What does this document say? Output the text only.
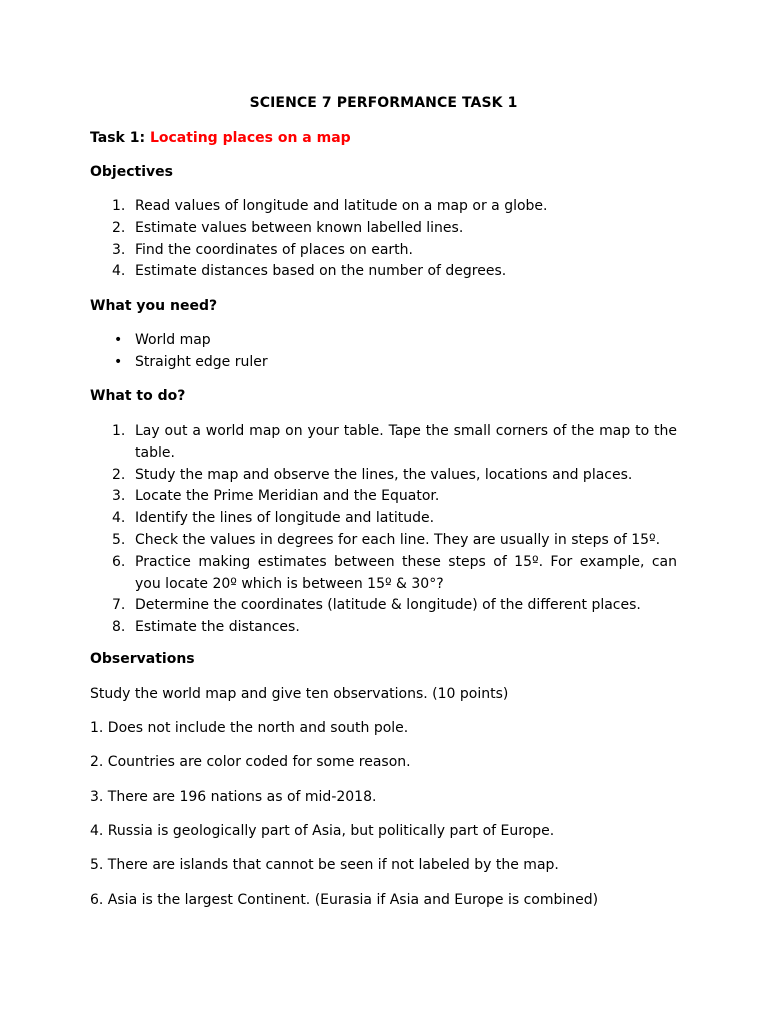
SCIENCE 7 PERFORMANCE TASK 1
Task 1: Locating places on a map
Objectives
1. Read values of longitude and latitude on a map or a globe.
2. Estimate values between known labelled lines.
3. Find the coordinates of places on earth.
4. Estimate distances based on the number of degrees.
What you need?
• World map
• Straight edge ruler
What to do?
1. Lay out a world map on your table. Tape the small corners of the map to the table.
2. Study the map and observe the lines, the values, locations and places.
3. Locate the Prime Meridian and the Equator.
4. Identify the lines of longitude and latitude.
5. Check the values in degrees for each line. They are usually in steps of 15º.
6. Practice making estimates between these steps of 15º. For example, can you locate 20º which is between 15º & 30°?
7. Determine the coordinates (latitude & longitude) of the different places.
8. Estimate the distances.
Observations
Study the world map and give ten observations. (10 points)
1. Does not include the north and south pole.
2. Countries are color coded for some reason.
3. There are 196 nations as of mid-2018.
4. Russia is geologically part of Asia, but politically part of Europe.
5. There are islands that cannot be seen if not labeled by the map.
6. Asia is the largest Continent. (Eurasia if Asia and Europe is combined)
